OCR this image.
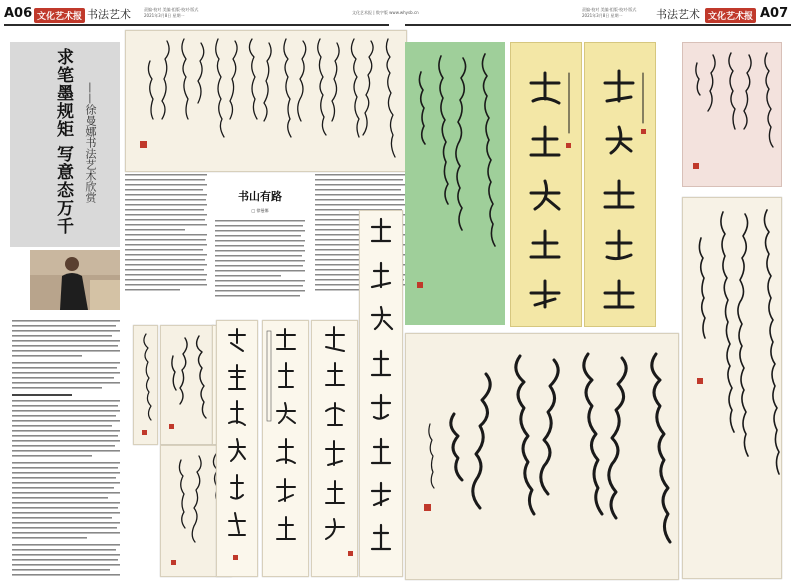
A06 文化艺术报 书法艺术	责编·校对 美编·组版·校对·版式
2021年3月8日 星期一
文化艺术报 | 数字版 www.whysb.cn
责编·校对 美编·组版·校对·版式
2021年3月8日 星期一	书法艺术 文化艺术报 A07
求笔墨规矩 写意态万千 ——徐曼娜书法艺术欣赏	书山有路
□ 徐曼娜
